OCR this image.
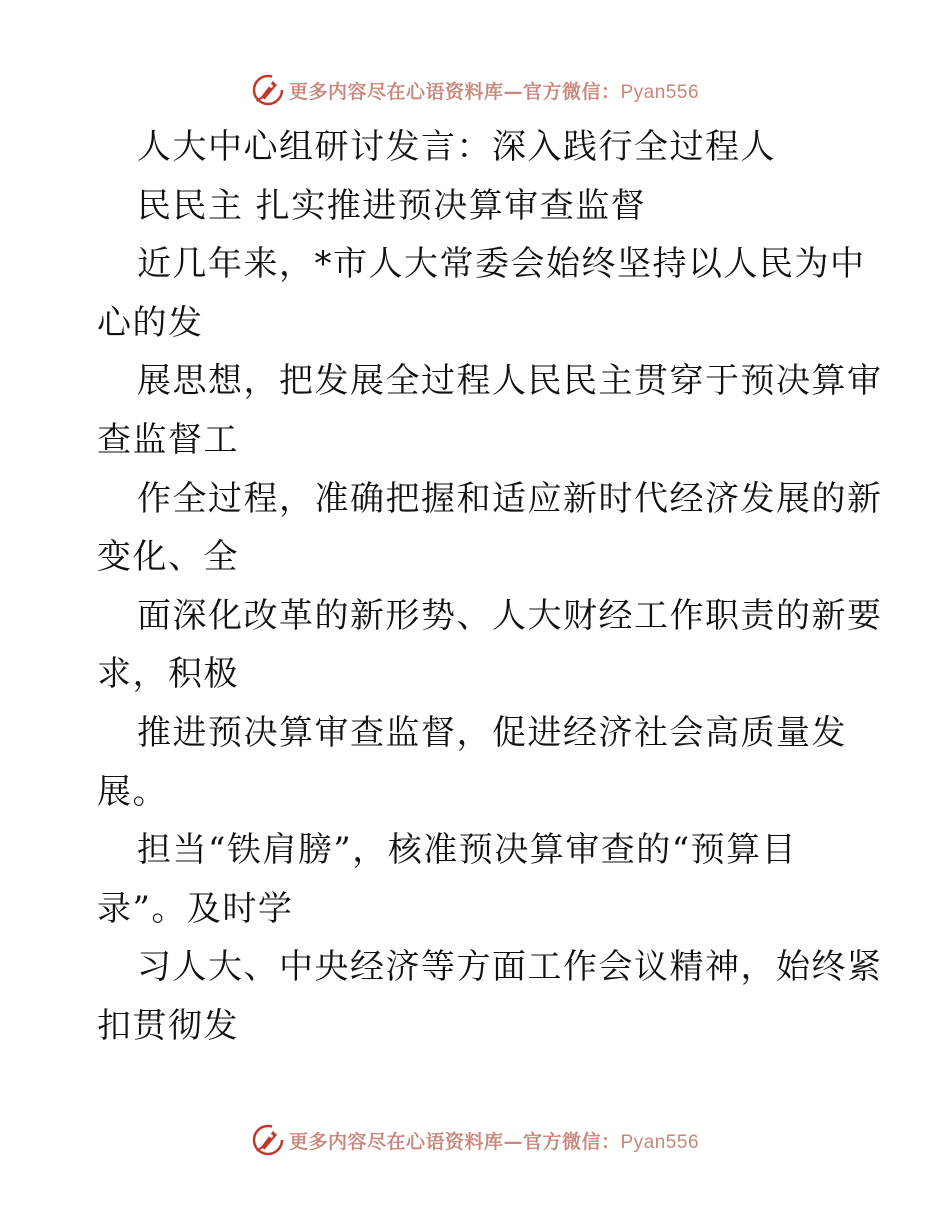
更多内容尽在心语资料库—官方微信：Pyan556
人大中心组研讨发言：深入践行全过程人
民民主 扎实推进预决算审查监督
近几年来，*市人大常委会始终坚持以人民为中
心的发
展思想，把发展全过程人民民主贯穿于预决算审
查监督工
作全过程，准确把握和适应新时代经济发展的新
变化、全
面深化改革的新形势、人大财经工作职责的新要
求，积极
推进预决算审查监督，促进经济社会高质量发
展。
担当“铁肩膀”，核准预决算审查的“预算目
录”。及时学
习人大、中央经济等方面工作会议精神，始终紧
扣贯彻发
更多内容尽在心语资料库—官方微信：Pyan556
